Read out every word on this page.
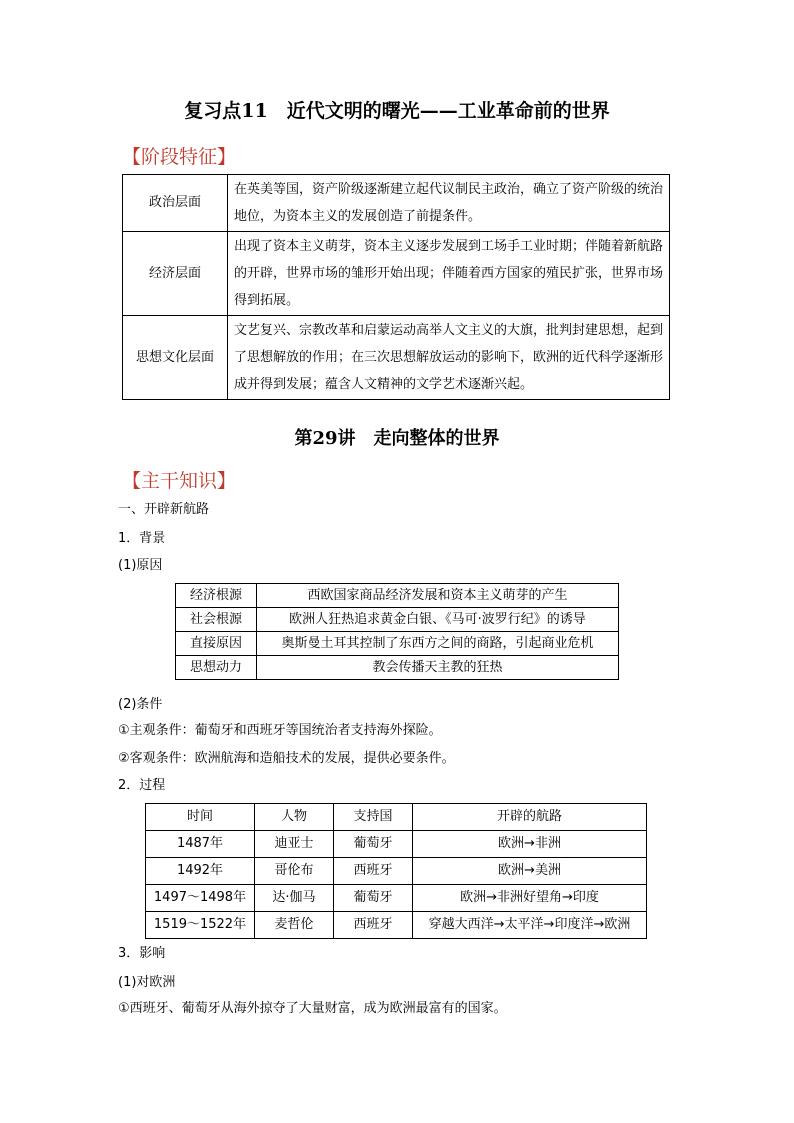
复习点11　近代文明的曙光——工业革命前的世界
【阶段特征】
政治层面	在英美等国，资产阶级逐渐建立起代议制民主政治，确立了资产阶级的统治地位，为资本主义的发展创造了前提条件。
经济层面	出现了资本主义萌芽，资本主义逐步发展到工场手工业时期；伴随着新航路的开辟，世界市场的雏形开始出现；伴随着西方国家的殖民扩张，世界市场得到拓展。
思想文化层面	文艺复兴、宗教改革和启蒙运动高举人文主义的大旗，批判封建思想，起到了思想解放的作用；在三次思想解放运动的影响下，欧洲的近代科学逐渐形成并得到发展；蕴含人文精神的文学艺术逐渐兴起。
第29讲　走向整体的世界
【主干知识】
一、开辟新航路
1．背景
(1)原因
经济根源	西欧国家商品经济发展和资本主义萌芽的产生
社会根源	欧洲人狂热追求黄金白银、《马可·波罗行纪》的诱导
直接原因	奥斯曼土耳其控制了东西方之间的商路，引起商业危机
思想动力	教会传播天主教的狂热
(2)条件
①主观条件：葡萄牙和西班牙等国统治者支持海外探险。
②客观条件：欧洲航海和造船技术的发展，提供必要条件。
2．过程
时间	人物	支持国	开辟的航路
1487年	迪亚士	葡萄牙	欧洲→非洲
1492年	哥伦布	西班牙	欧洲→美洲
1497～1498年	达·伽马	葡萄牙	欧洲→非洲好望角→印度
1519～1522年	麦哲伦	西班牙	穿越大西洋→太平洋→印度洋→欧洲
3．影响
(1)对欧洲
①西班牙、葡萄牙从海外掠夺了大量财富，成为欧洲最富有的国家。
